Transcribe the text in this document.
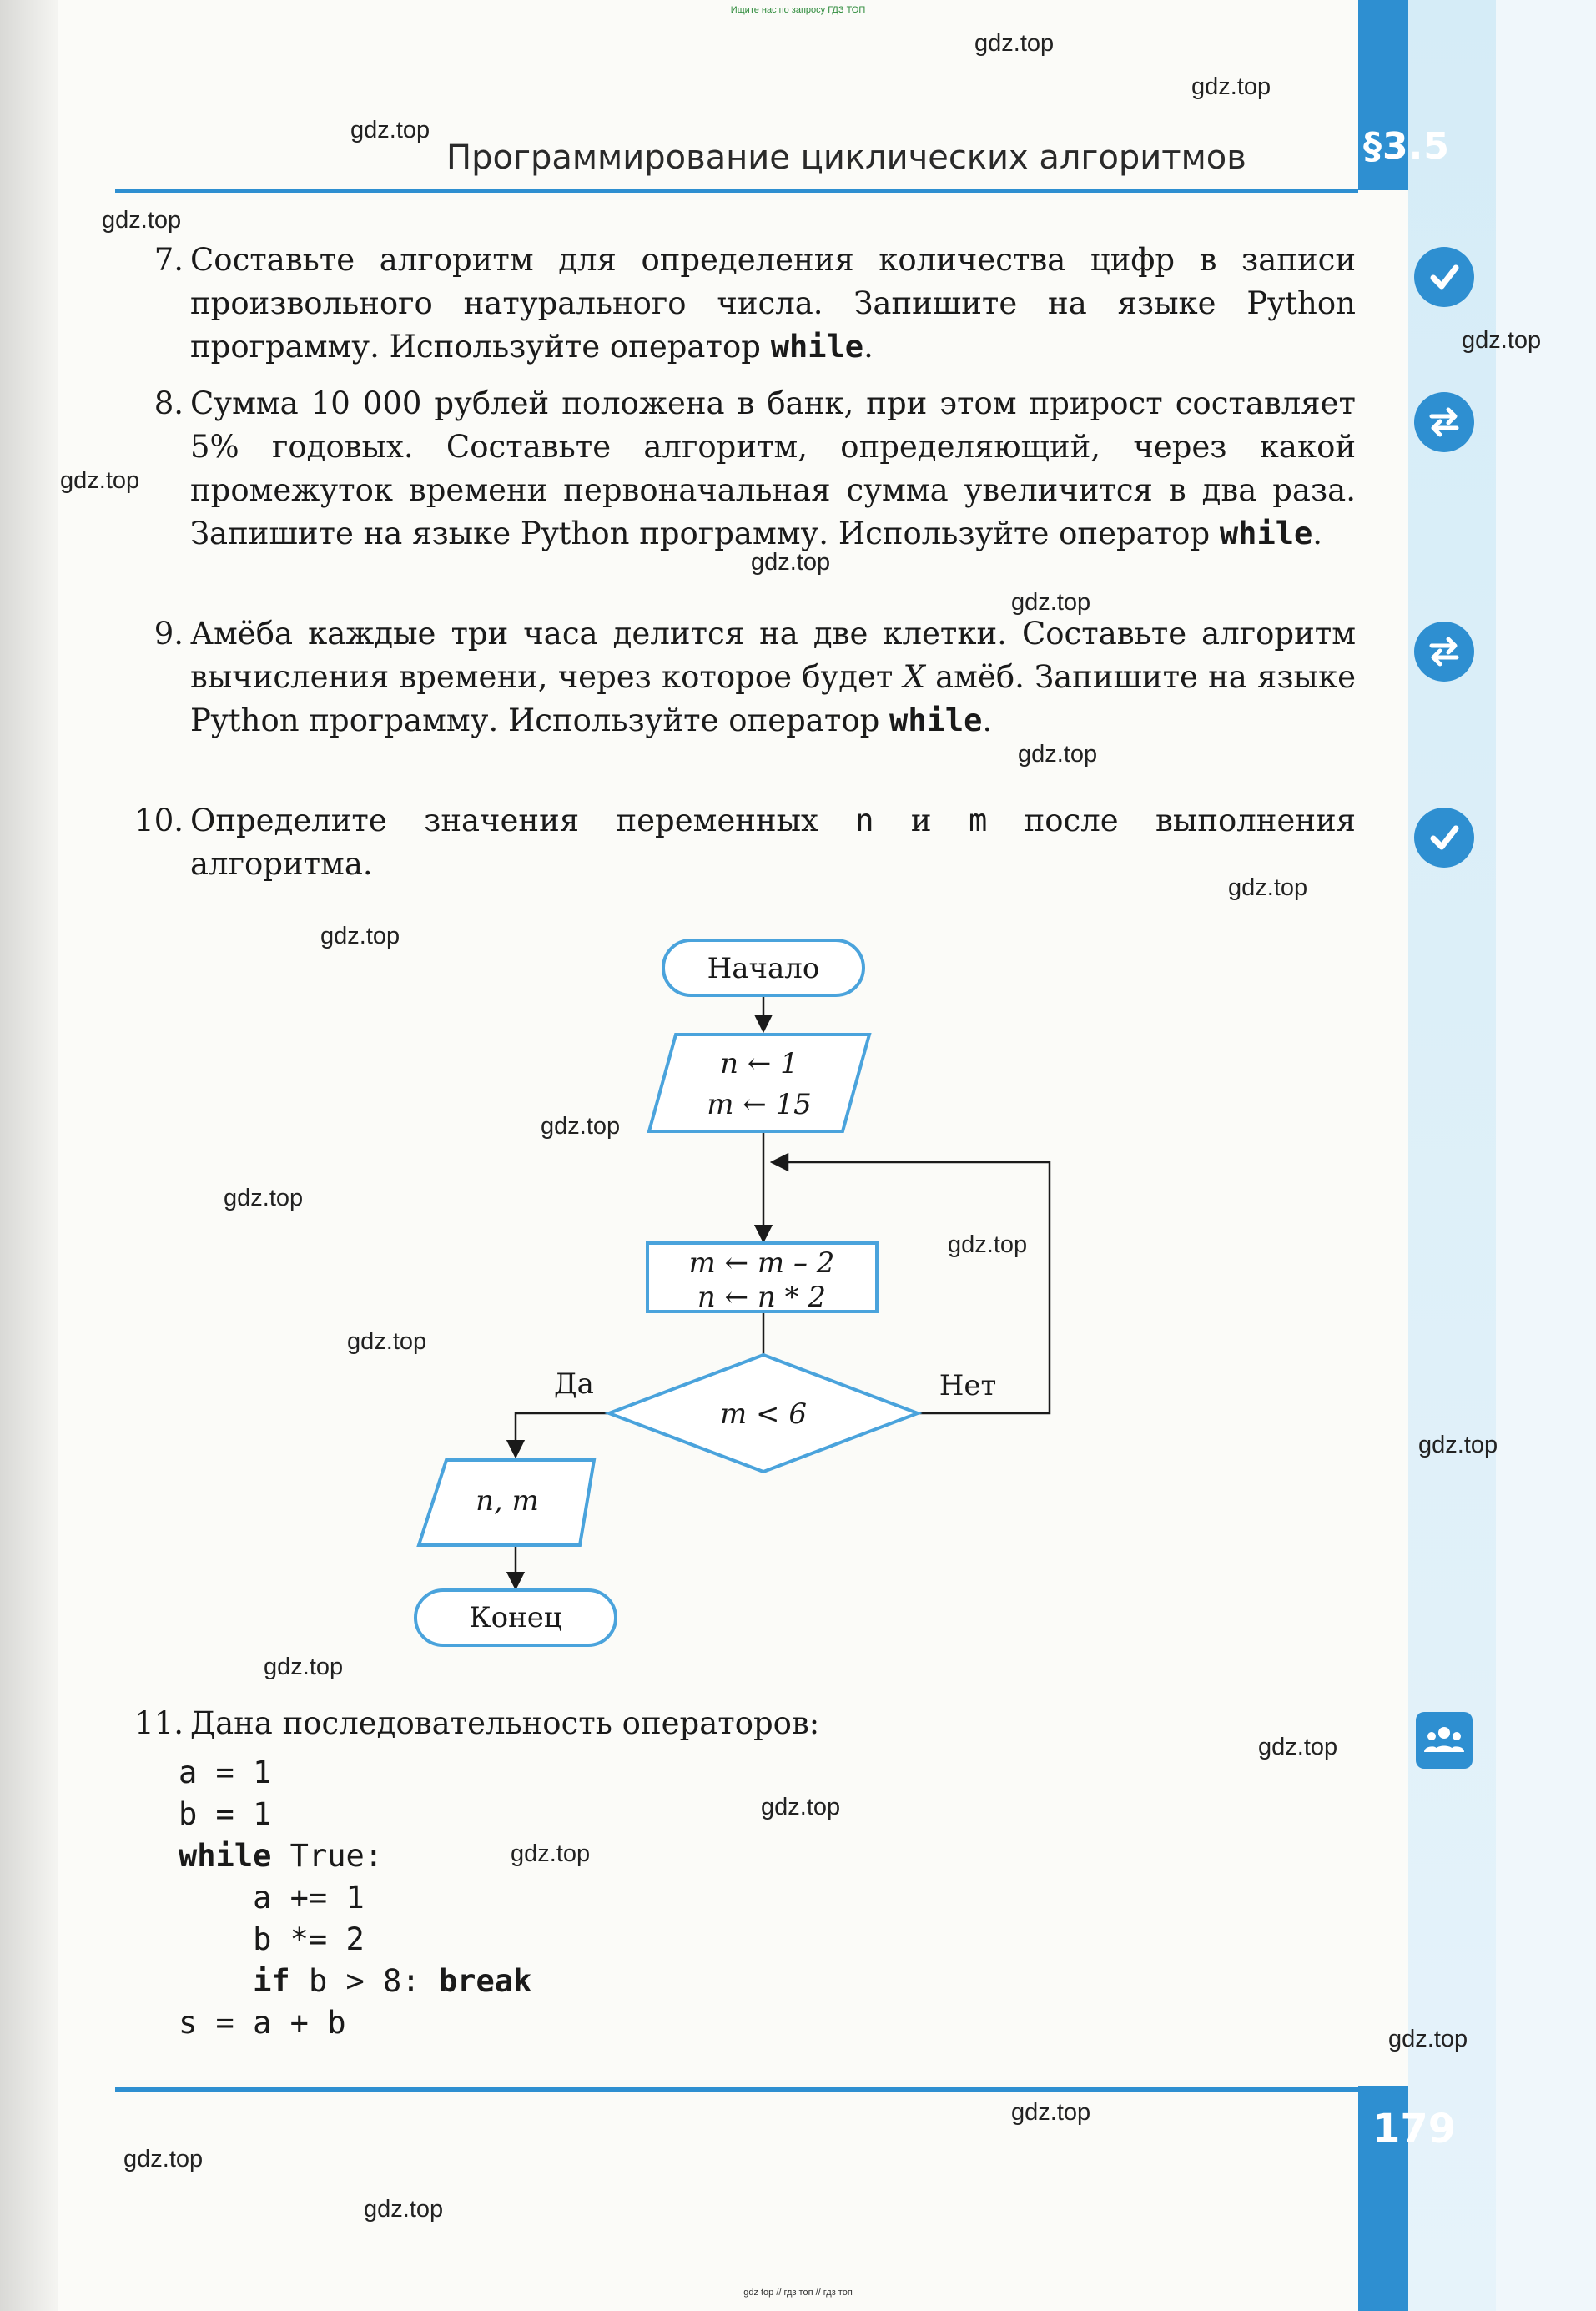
Ищите нас по запросу ГДЗ ТОП
Программирование циклических алгоритмов	§3.5
7. Составьте алгоритм для определения количества цифр в записи произвольного натурального числа. Запишите на языке Python программу. Используйте оператор while.
8. Сумма 10 000 рублей положена в банк, при этом прирост составляет 5% годовых. Составьте алгоритм, определяющий, через какой промежуток времени первоначальная сумма увеличится в два раза. Запишите на языке Python программу. Используйте оператор while.
9. Амёба каждые три часа делится на две клетки. Составьте алгоритм вычисления времени, через которое будет X амёб. Запишите на языке Python программу. Используйте оператор while.
10. Определите значения переменных n и m после выполнения алгоритма.
Начало
n ← 1
m ← 15
m ← m – 2
n ← n * 2
m < 6
Да	Нет
n, m
Конец
11. Дана последовательность операторов:
a = 1
b = 1
while True:
a += 1
b *= 2
if b > 8: break
s = a + b
179
gdz top // гдз топ // гдз топ
gdz.top
gdz.top
gdz.top
gdz.top
gdz.top
gdz.top
gdz.top
gdz.top
gdz.top
gdz.top
gdz.top
gdz.top
gdz.top
gdz.top
gdz.top
gdz.top
gdz.top
gdz.top
gdz.top
gdz.top
gdz.top
gdz.top
gdz.top
gdz.top
